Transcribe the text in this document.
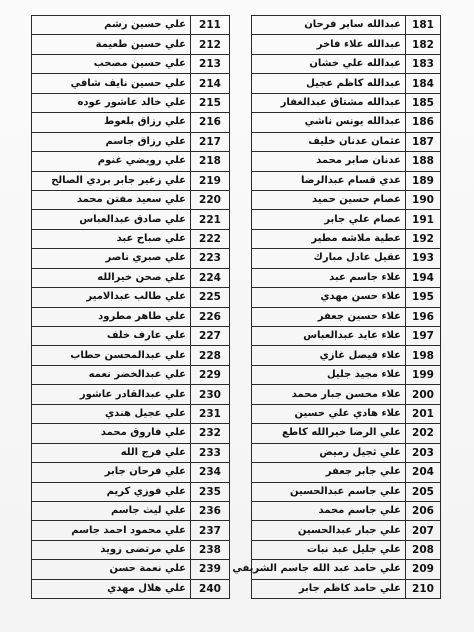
علي حسين رشم	211
علي حسين طعيمة	212
علي حسين مصحب	213
علي حسين نايف شافي	214
علي خالد عاشور عوده	215
علي رزاق بلعوط	216
علي رزاق جاسم	217
علي رويضي غنوم	218
علي زغير جابر بردي الصالح	219
علي سعيد مفتن محمد	220
علي صادق عبدالعباس	221
علي صباح عبد	222
علي صبري ناصر	223
علي صحن خيرالله	224
علي طالب عبدالامير	225
علي طاهر مطرود	226
علي عارف خلف	227
علي عبدالمحسن حطاب	228
علي عبدالخضر نعمه	229
علي عبدالقادر عاشور	230
علي عجيل هندي	231
علي فاروق محمد	232
علي فرج الله	233
علي فرحان جابر	234
علي فوزي كريم	235
علي ليث جاسم	236
علي محمود احمد جاسم	237
علي مرتضى زويد	238
علي نعمة حسن	239
علي هلال مهدي	240
عبدالله ساير فرحان	181
عبدالله علاء فاخر	182
عبدالله علي خشان	183
عبدالله كاظم عجيل	184
عبدالله مشتاق عبدالغفار	185
عبدالله يونس ناشي	186
عثمان عدنان خليف	187
عدنان صابر محمد	188
عدي قسام عبدالرضا	189
عصام حسين حميد	190
عصام علي جابر	191
عطية ملاشه مطير	192
عقيل عادل مبارك	193
علاء جاسم عبد	194
علاء حسن مهدي	195
علاء حسين جعفر	196
علاء عايد عبدالعباس	197
علاء فيصل غازي	198
علاء مجيد جليل	199
علاء محسن جبار محمد	200
علاء هادي علي حسين	201
علي الرضا خيرالله كاطع	202
علي ثجيل رميض	203
علي جابر جعفر	204
علي جاسم عبدالحسين	205
علي جاسم محمد	206
علي جبار عبدالحسين	207
علي جليل عبد نبات	208
علي حامد عبد الله جاسم الشريفي	209
علي حامد كاظم جابر	210
